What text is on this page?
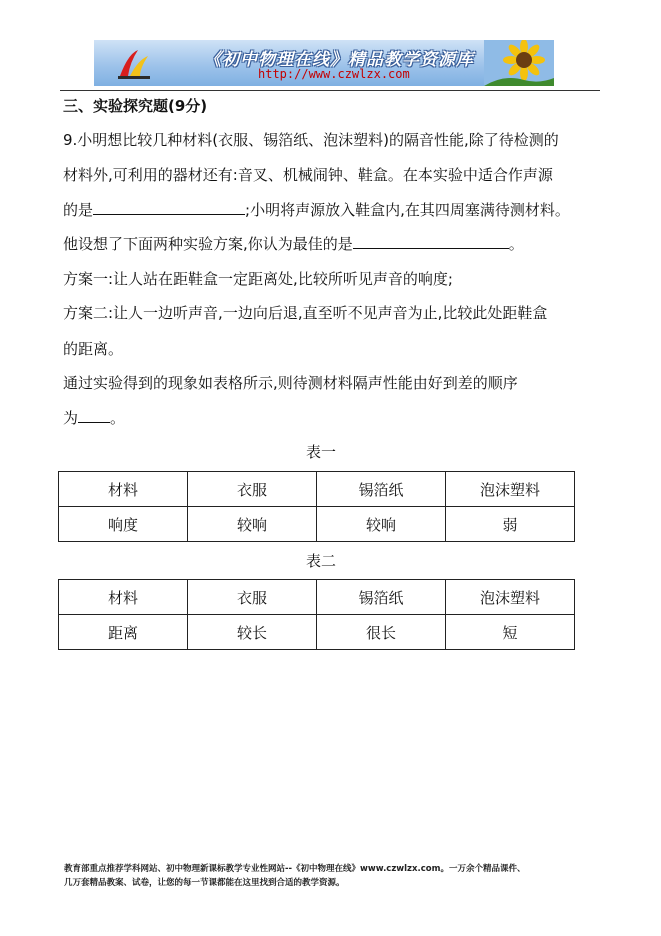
《初中物理在线》精品教学资源库
http://www.czwlzx.com
三、实验探究题(9分)
9.小明想比较几种材料(衣服、锡箔纸、泡沫塑料)的隔音性能,除了待检测的
材料外,可利用的器材还有:音叉、机械闹钟、鞋盒。在本实验中适合作声源
的是	;小明将声源放入鞋盒内,在其四周塞满待测材料。
他设想了下面两种实验方案,你认为最佳的是	。
方案一:让人站在距鞋盒一定距离处,比较所听见声音的响度;
方案二:让人一边听声音,一边向后退,直至听不见声音为止,比较此处距鞋盒
的距离。
通过实验得到的现象如表格所示,则待测材料隔声性能由好到差的顺序
为 。
表一
材料	衣服	锡箔纸	泡沫塑料
响度	较响	较响	弱
表二
材料	衣服	锡箔纸	泡沫塑料
距离	较长	很长	短
教育部重点推荐学科网站、初中物理新课标教学专业性网站--《初中物理在线》www.czwlzx.com。一万余个精品课件、
几万套精品教案、试卷，让您的每一节课都能在这里找到合适的教学资源。
